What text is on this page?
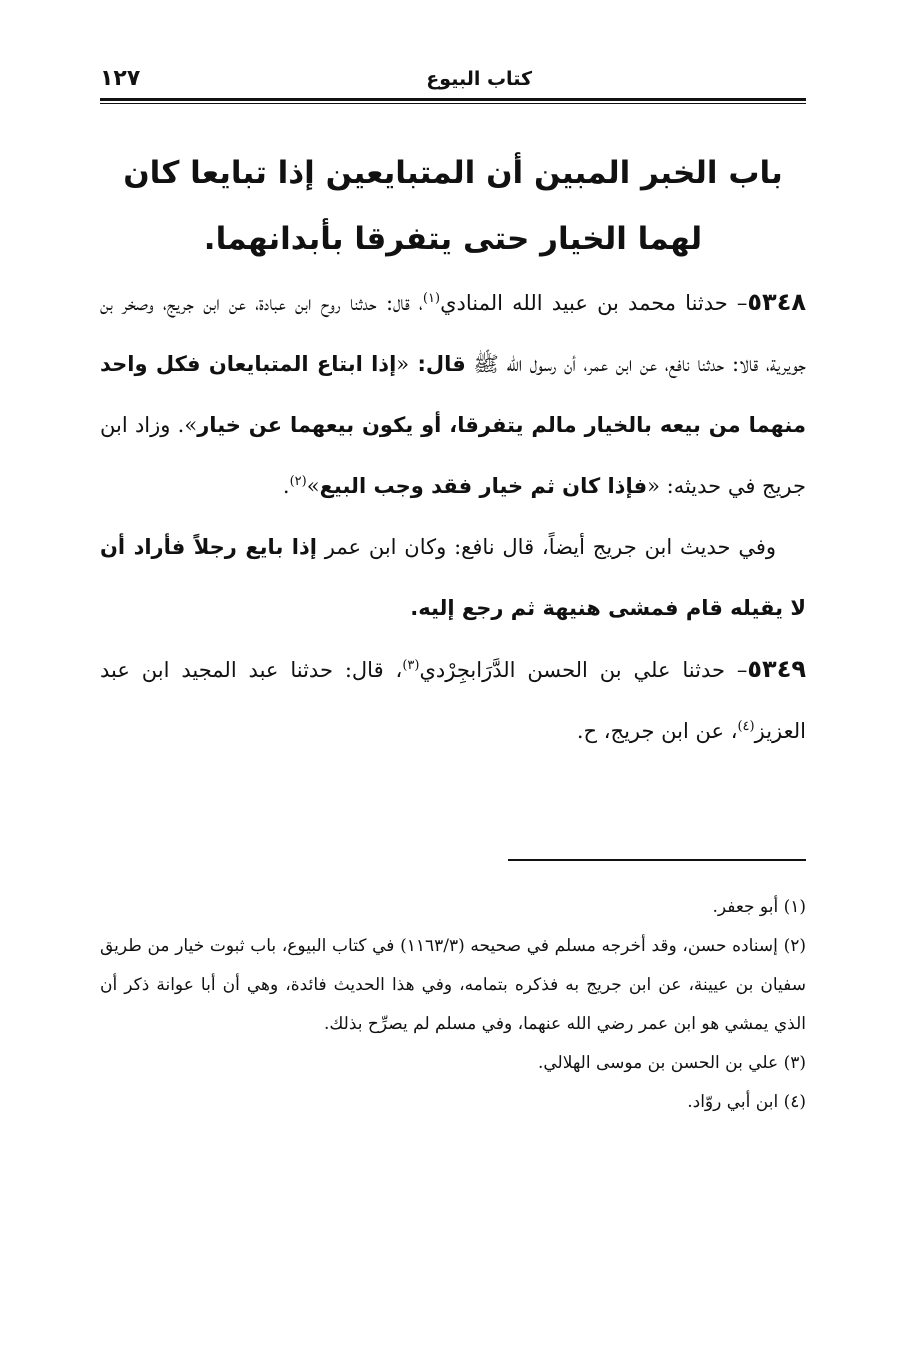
كتاب البيوع
١٢٧
باب الخبر المبين أن المتبايعين إذا تبايعا كان لهما الخيار حتى يتفرقا بأبدانهما.

٥٣٤٨– حدثنا محمد بن عبيد الله المنادي$^{(١)}$، قال: حدثنا روح ابن عبادة، عن ابن جريج، وصخر بن جويرية، قالا: حدثنا نافع، عن ابن عمر، أن رسول الله ﷺ قال: «إذا ابتاع المتبايعان فكل واحد منهما من بيعه بالخيار مالم يتفرقا، أو يكون بيعهما عن خيار». وزاد ابن جريج في حديثه: «فإذا كان ثم خيار فقد وجب البيع»$^{(٢)}$.

وفي حديث ابن جريج أيضاً، قال نافع: وكان ابن عمر إذا بايع رجلاً فأراد أن لا يقيله قام فمشى هنيهة ثم رجع إليه.

٥٣٤٩– حدثنا علي بن الحسن الدَّرَابجِرْدي$^{(٣)}$، قال: حدثنا عبد المجيد ابن عبد العزيز$^{(٤)}$، عن ابن جريج، ح.

(١) أبو جعفر.

(٢) إسناده حسن، وقد أخرجه مسلم في صحيحه (١١٦٣/٣) في كتاب البيوع، باب ثبوت خيار من طريق سفيان بن عيينة، عن ابن جريج به فذكره بتمامه، وفي هذا الحديث فائدة، وهي أن أبا عوانة ذكر أن الذي يمشي هو ابن عمر رضي الله عنهما، وفي مسلم لم يصرِّح بذلك.

(٣) علي بن الحسن بن موسى الهلالي.

(٤) ابن أبي روّاد.
